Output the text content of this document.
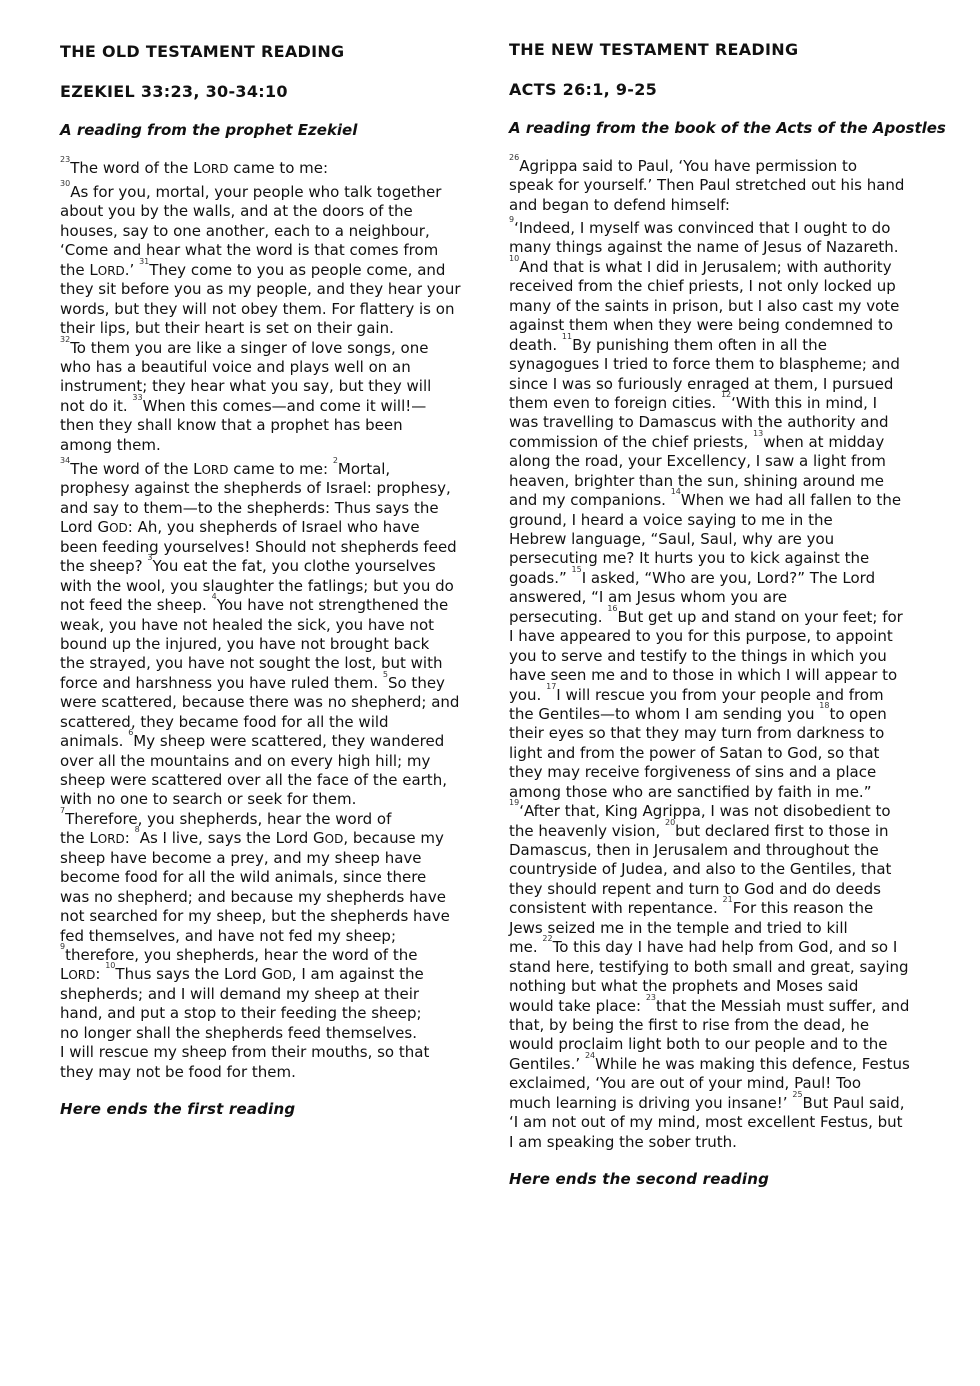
THE OLD TESTAMENT READING
EZEKIEL 33:23, 30-34:10

A reading from the prophet Ezekiel

$^{23}$The word of the LORD came to me:
$^{30}$As for you, mortal, your people who talk together
about you by the walls, and at the doors of the
houses, say to one another, each to a neighbour,
‘Come and hear what the word is that comes from
the LORD.’ $^{31}$They come to you as people come, and
they sit before you as my people, and they hear your
words, but they will not obey them. For flattery is on
their lips, but their heart is set on their gain.
$^{32}$To them you are like a singer of love songs, one
who has a beautiful voice and plays well on an
instrument; they hear what you say, but they will
not do it. $^{33}$When this comes—and come it will!—
then they shall know that a prophet has been
among them.
$^{34}$The word of the LORD came to me: $^2$Mortal,
prophesy against the shepherds of Israel: prophesy,
and say to them—to the shepherds: Thus says the
Lord GOD: Ah, you shepherds of Israel who have
been feeding yourselves! Should not shepherds feed
the sheep? $^3$You eat the fat, you clothe yourselves
with the wool, you slaughter the fatlings; but you do
not feed the sheep. $^4$You have not strengthened the
weak, you have not healed the sick, you have not
bound up the injured, you have not brought back
the strayed, you have not sought the lost, but with
force and harshness you have ruled them. $^5$So they
were scattered, because there was no shepherd; and
scattered, they became food for all the wild
animals. $^6$My sheep were scattered, they wandered
over all the mountains and on every high hill; my
sheep were scattered over all the face of the earth,
with no one to search or seek for them.
$^7$Therefore, you shepherds, hear the word of
the LORD: $^8$As I live, says the Lord GOD, because my
sheep have become a prey, and my sheep have
become food for all the wild animals, since there
was no shepherd; and because my shepherds have
not searched for my sheep, but the shepherds have
fed themselves, and have not fed my sheep;
$^9$therefore, you shepherds, hear the word of the
LORD: $^{10}$Thus says the Lord GOD, I am against the
shepherds; and I will demand my sheep at their
hand, and put a stop to their feeding the sheep;
no longer shall the shepherds feed themselves.
I will rescue my sheep from their mouths, so that
they may not be food for them.

Here ends the first reading

THE NEW TESTAMENT READING
ACTS 26:1, 9-25

A reading from the book of the Acts of the Apostles

$^{26}$Agrippa said to Paul, ‘You have permission to
speak for yourself.’ Then Paul stretched out his hand
and began to defend himself:
$^9$‘Indeed, I myself was convinced that I ought to do
many things against the name of Jesus of Nazareth.
$^{10}$And that is what I did in Jerusalem; with authority
received from the chief priests, I not only locked up
many of the saints in prison, but I also cast my vote
against them when they were being condemned to
death. $^{11}$By punishing them often in all the
synagogues I tried to force them to blaspheme; and
since I was so furiously enraged at them, I pursued
them even to foreign cities. $^{12}$‘With this in mind, I
was travelling to Damascus with the authority and
commission of the chief priests, $^{13}$when at midday
along the road, your Excellency, I saw a light from
heaven, brighter than the sun, shining around me
and my companions. $^{14}$When we had all fallen to the
ground, I heard a voice saying to me in the
Hebrew language, “Saul, Saul, why are you
persecuting me? It hurts you to kick against the
goads.” $^{15}$I asked, “Who are you, Lord?” The Lord
answered, “I am Jesus whom you are
persecuting. $^{16}$But get up and stand on your feet; for
I have appeared to you for this purpose, to appoint
you to serve and testify to the things in which you
have seen me and to those in which I will appear to
you. $^{17}$I will rescue you from your people and from
the Gentiles—to whom I am sending you $^{18}$to open
their eyes so that they may turn from darkness to
light and from the power of Satan to God, so that
they may receive forgiveness of sins and a place
among those who are sanctified by faith in me.”
$^{19}$‘After that, King Agrippa, I was not disobedient to
the heavenly vision, $^{20}$but declared first to those in
Damascus, then in Jerusalem and throughout the
countryside of Judea, and also to the Gentiles, that
they should repent and turn to God and do deeds
consistent with repentance. $^{21}$For this reason the
Jews seized me in the temple and tried to kill
me. $^{22}$To this day I have had help from God, and so I
stand here, testifying to both small and great, saying
nothing but what the prophets and Moses said
would take place: $^{23}$that the Messiah must suffer, and
that, by being the first to rise from the dead, he
would proclaim light both to our people and to the
Gentiles.’ $^{24}$While he was making this defence, Festus
exclaimed, ‘You are out of your mind, Paul! Too
much learning is driving you insane!’ $^{25}$But Paul said,
‘I am not out of my mind, most excellent Festus, but
I am speaking the sober truth.

Here ends the second reading
